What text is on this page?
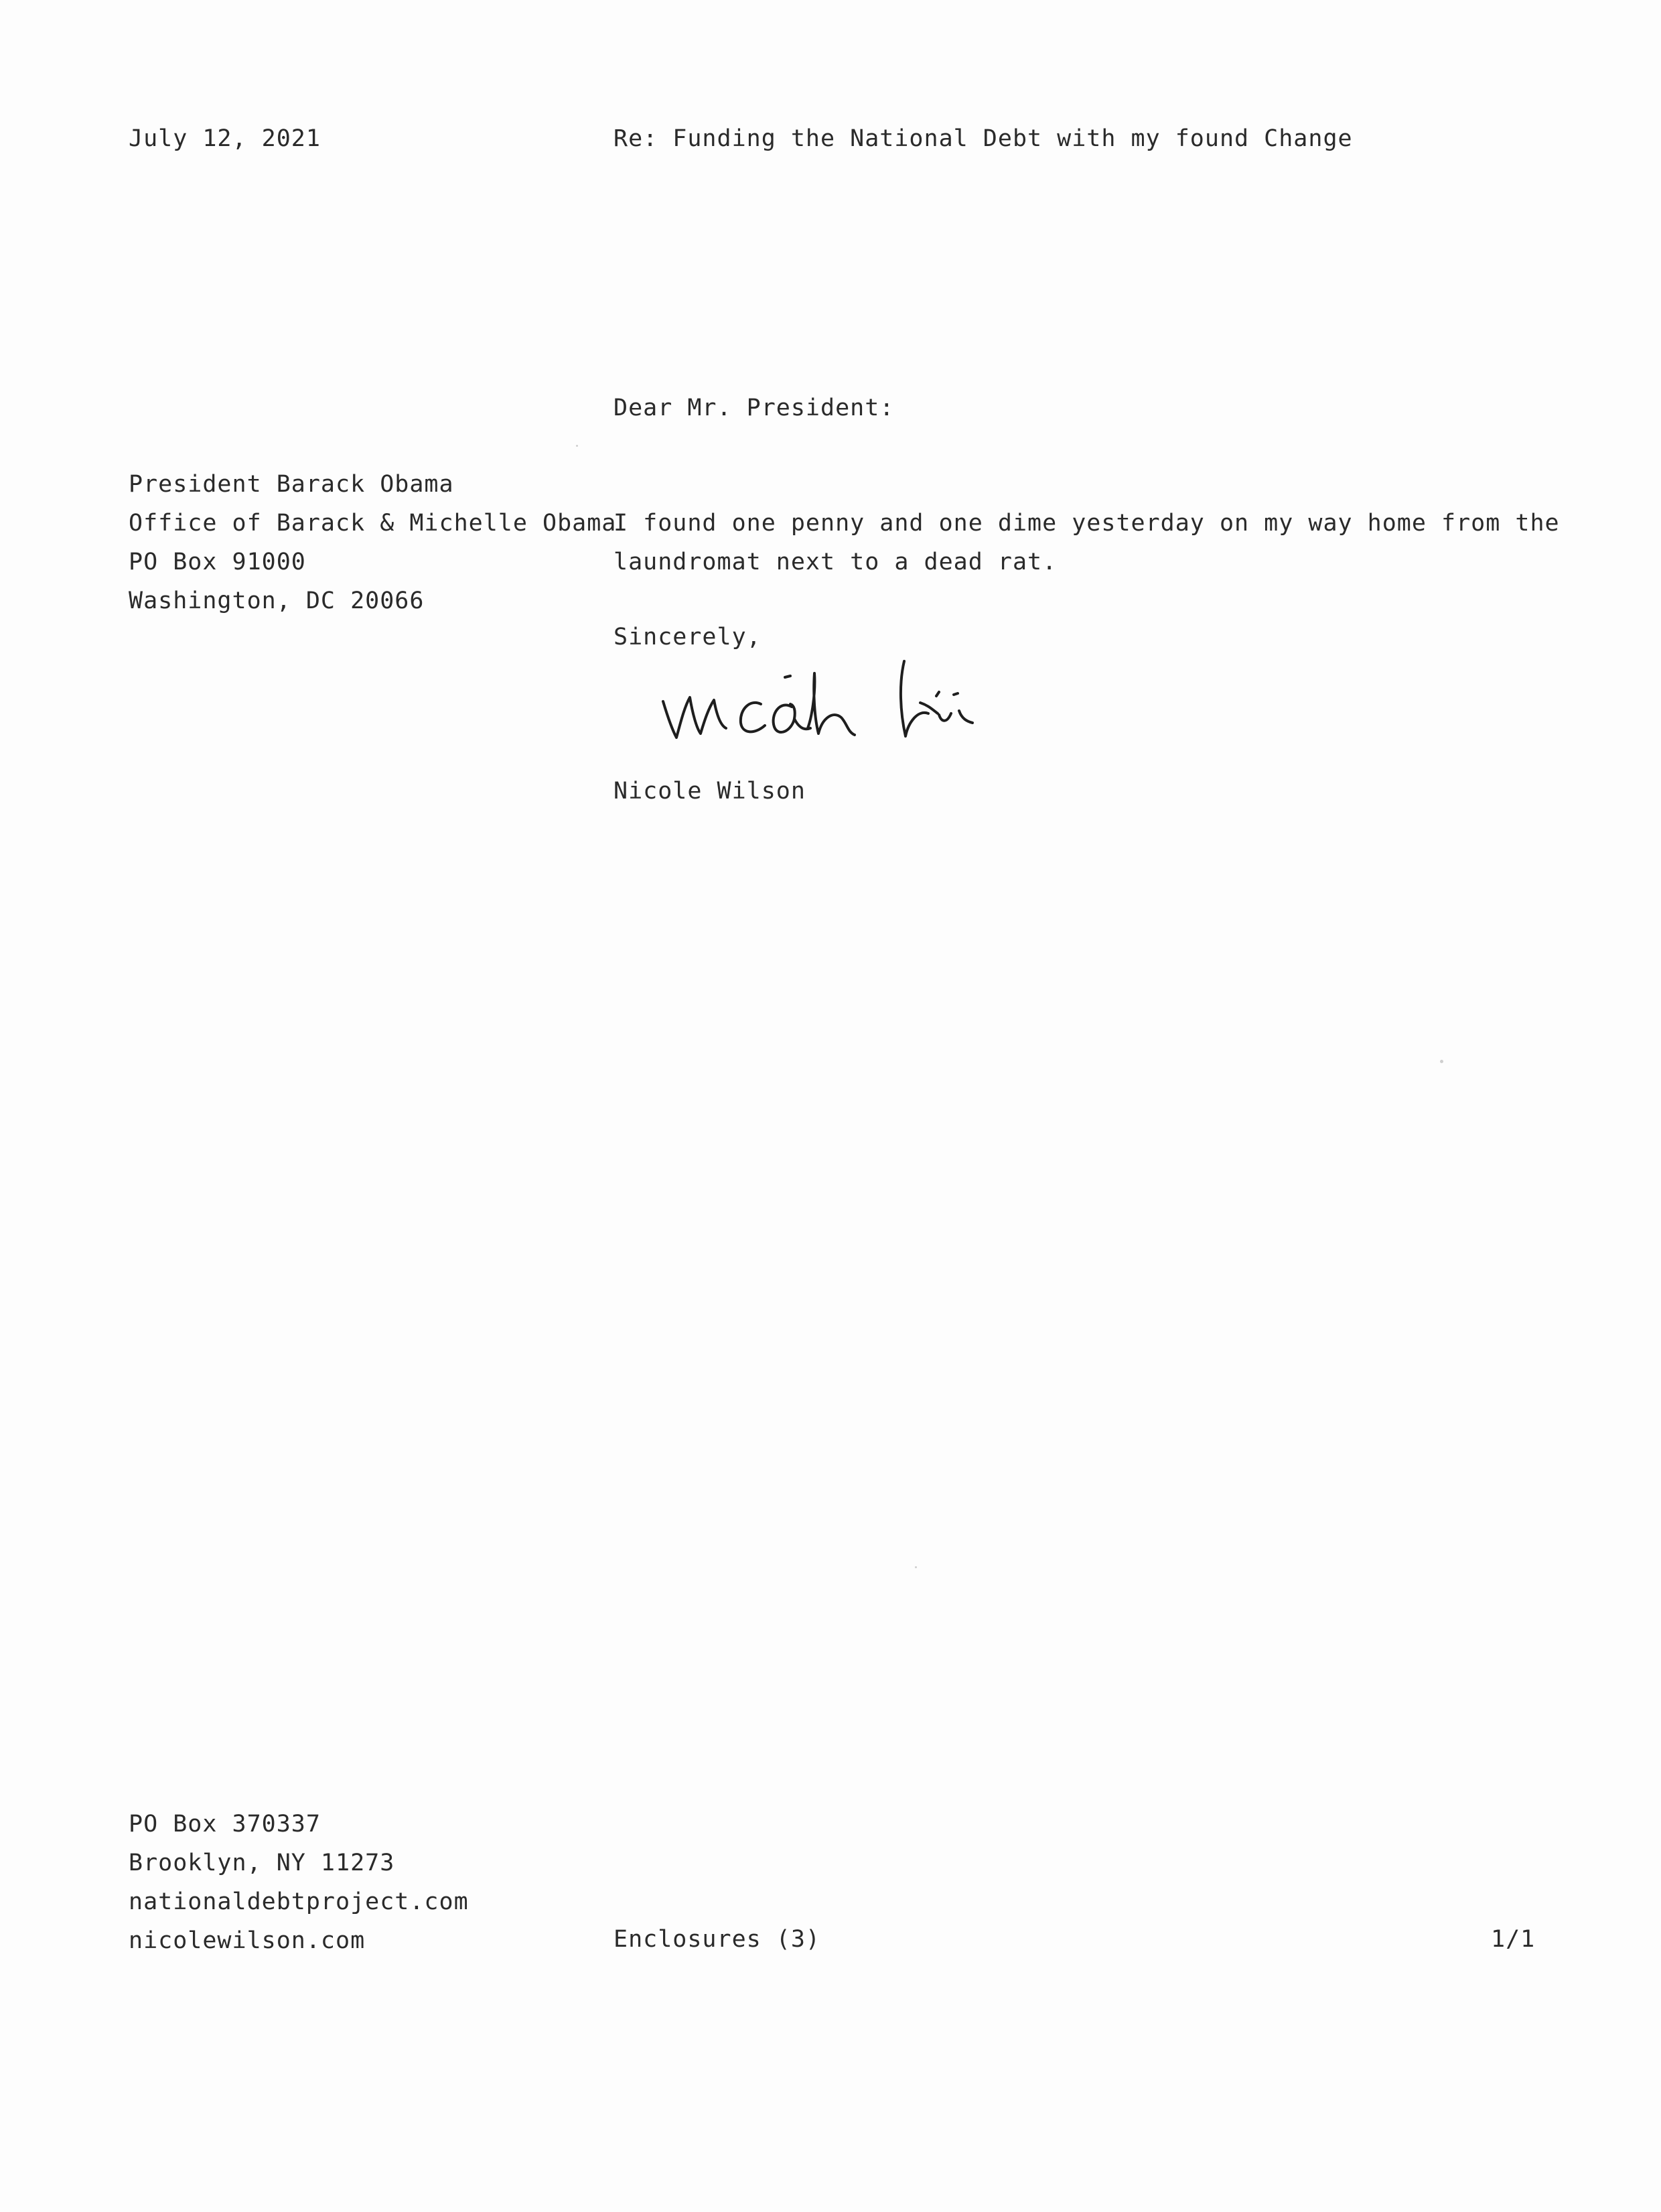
July 12, 2021	Re: Funding the National Debt with my found Change
Dear Mr. President:
President Barack Obama
Office of Barack & Michelle Obama
PO Box 91000
Washington, DC 20066
I found one penny and one dime yesterday on my way home from the
laundromat next to a dead rat.
Sincerely,
Nicole Wilson
PO Box 370337
Brooklyn, NY 11273
nationaldebtproject.com
nicolewilson.com	Enclosures (3)	1/1
